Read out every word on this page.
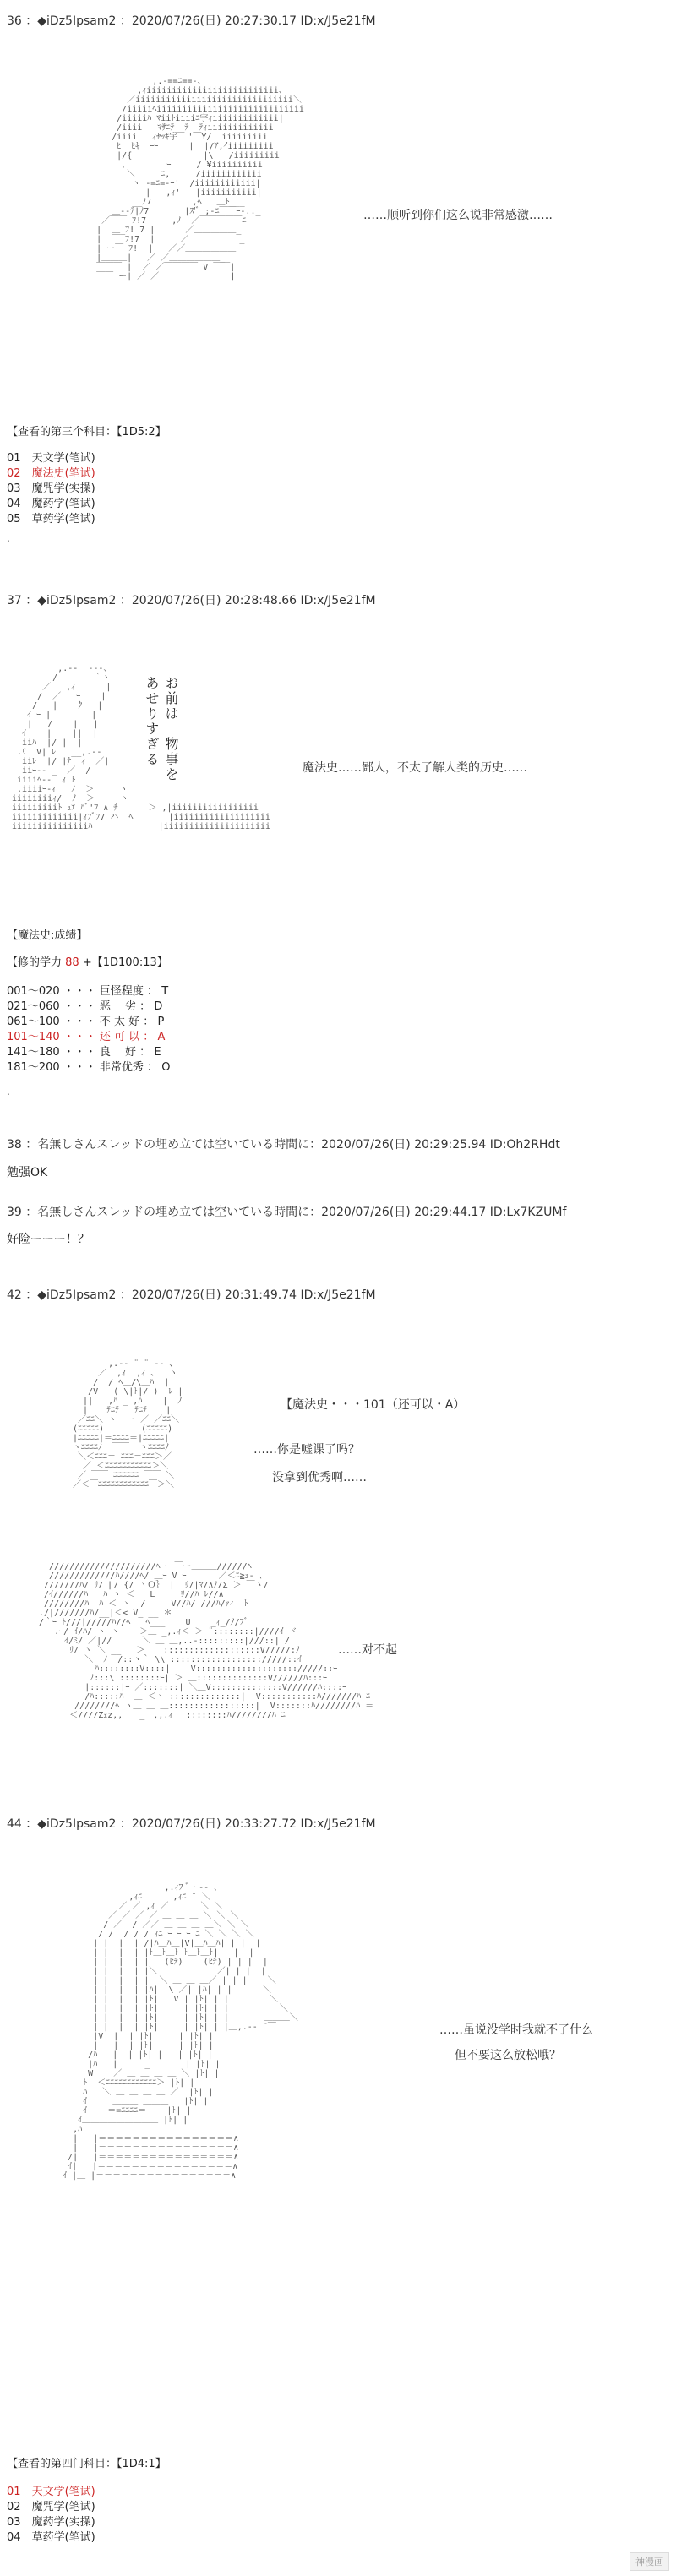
36 ：◆iDz5Ipsam2 ：2020/07/26(日) 20:27:30.17 ID:x/J5e21fM

,.-==ﾆ==-、
,ｨiiiiiiiiiiiiiiiiiiiiiiiiii、
／iiiiiiiiiiiiiiiiiiiiiiiiiiiiiii＼
/iiiiiﾍiiiiiiiiiiiiiiiiiiiiiiiiiiiii
/iiiiiﾊ ﾏiiﾄiiiiﾆ宇ｨiiiiiiiiiiiii|
/iiii   ﾏｻﾆﾃ__ﾃ  ﾃｨiiiiiiiiiiiii
/iiii   ｨｾｯｷ宇  '￣Y/  iiiiiiiii
ﾋ  ﾋｷ  ｰｰ      |  |/ｱ,ｲiiiiiiiii
|/{              |\   /iiiiiiiii
､        ｰ     / ¥iiiiiiiiii
＼     ﾆ,     /iiiiiiiiiiii
ヽ -=ﾆ=-ｰ'  /iiiiiiiiiiii|
￣|   ,ｨ'   |iiiiiiiiiii|
__ﾉ7        ,ﾍ   ＿ﾄ___
＿-‐ﾃ|ﾉ7       |ｽ'ﾞ ;-ﾆ￣￣ｰ-.._
／￣￣ ﾌ!7     ,ﾉ  ／￣￣￣￣￣ﾆ
|  ＿_ﾌ! 7 |      ／＿＿＿＿＿_
|  ￣ ﾌ!7  |     ／＿＿＿＿＿＿_
| ー￣ ﾌ!  |   ／／＿＿＿＿＿＿_
|＿＿＿|   ／ ／＿＿＿＿＿＿_
￣￣￣ |  ／ ／￣￣￣￣ V ￣￣|
￣￣ ー| ／ ／              |

……顺听到你们这么说非常感激……
【查看的第三个科目：【1D5:2】
01　 天文学(笔试)
02　 魔法史(笔试)
03　 魔咒学(实操)
04　 魔药学(笔试)
05　 草药学(笔试)
.
37 ：◆iDz5Ipsam2 ：2020/07/26(日) 20:28:48.66 ID:x/J5e21fM

,.-‐  --‐､
/       ｀ヽ
／   ,ｨ      |
/  ／   ｰ    |
/   |    ｸ   |
ｲ ｰ |        |
|   /    |   |
ｲ    |  _ ||  |
iiﾊ  |/ |  |
.ﾘ  V| ﾚ   __,.-‐
iiﾚ  |/ |ﾅ  ｨ  ／|
iiｰ-‐ _  ／  /
iiiiﾍ-‐  ｨ ﾄ
.iiiiｰ-ｨ   ﾉ  ＞     ヽ
iiiiiiiiｨ/  ﾉ  ＞     ヽ
iiiiiiiiiﾄ ｭｴ ﾊﾞ'ﾌ ∧ ﾁ      ＞ ,|iiiiiiiiiiiiiiiii
iiiiiiiiiiiii|ｨﾌﾞﾌ7 ハ  ﾍ       |iiiiiiiiiiiiiiiiiii
iiiiiiiiiiiiiiiﾊ             |iiiiiiiiiiiiiiiiiiiii

お前は　物事を　あせりすぎる
魔法史……鄙人，不太了解人类的历史……
【魔法史:成绩】
【修的学力 88 +【1D100:13】
001～020 ・・・ 巨怪程度 ： T
021～060 ・・・ 恶　 劣 ： D
061～100 ・・・ 不 太 好 ： P
101～140 ・・・ 还 可 以 ： A
141～180 ・・・ 良　 好 ： E
181～200 ・・・ 非常优秀 ： O
.
38 ：名無しさんスレッドの埋め立ては空いている時間に：2020/07/26(日) 20:29:25.94 ID:Oh2RHdt
勉强OK
39 ：名無しさんスレッドの埋め立ては空いている時間に：2020/07/26(日) 20:29:44.17 ID:Lx7KZUMf
好险ーーー！？
42 ：◆iDz5Ipsam2 ：2020/07/26(日) 20:31:49.74 ID:x/J5e21fM

,.-‐ ¨ ¨ ‐- 、
／  ,ｨ  ,ｨ 、  ヽ
/  / ﾍ＿/\＿ﾊ  |
/V   ( \|ﾄ|/ )  ﾚ |
||   ,ﾊ _ ,ﾊ    |  ﾉ
|＿  ﾃﾆﾃ   ﾃﾆﾃ  ＿|
／ﾆﾆ＼ ヽ  ー ／ ／ﾆﾆ＼
(ﾆﾆﾆﾆﾆ)  ￣￣  (ﾆﾆﾆﾆﾆ)
|ﾆﾆﾆﾆﾆ|＝ﾆﾆﾆﾆ＝|ﾆﾆﾆﾆﾆ|
ヽﾆﾆﾆﾆﾉ  ￣￣  ヽﾆﾆﾆﾆﾉ
＼＜ﾆﾆﾆ＝ ﾆﾆﾆ＝ﾆﾆﾆ＞／
／ ＜ﾆﾆﾆﾆﾆﾆﾆﾆﾆﾆﾆ＞＼
／ ￣￣ ﾆﾆﾆﾆﾆﾆ ￣￣ ＼
／＜￣ﾆﾆﾆﾆﾆﾆﾆﾆﾆﾆﾆﾆ￣＞＼

【魔法史・・・101（还可以・A）
……你是嘘课了吗？
没拿到优秀啊……

/////////////////////ﾍ ｰ ￣ー＿＿＿//////ﾍ
/////////////ﾊ////ﾍ/ ＿ｰ V ｰ ￣ ￣ ／＜ﾆ≧ｭ- ､
///////ﾊ/ ﾘ/ ‖/ {/ ヽＯ｝ |  ﾘ/|ﾏ/∧ﾉ/Σ ＞ ￣ヽ/
/ｲ//////ﾊ   ﾊ ヽ ＜   L     ﾘ//ﾊ ﾚ//∧
////////ﾊ  ﾊ ＜ ヽ  /     V//ﾊ/ ///ﾊ/ｧｨ  ﾄ
./|///////ﾊ/__|＜< V_ __ ＊
/｀ｰ ﾄ///|/////ﾊ//ﾍ   ﾍ___    U    _ｨ_/ﾉ/ﾌﾞ
.ｰ/ ｲ/ﾊ/ ヽ ヽ    ＞＿ _,.ｨ＜ ＞ ¨::::::::|////ｲ ヾ
ｲ/ﾐ/ ／|//      ＼ ＿ ＿,..-:::::::::|///::| /
ﾘ/ ヽ ＼ __   ＞  ＿:::::::::::::::::::V/////:ﾉ
＼  ﾉ  /::ヽ｀ \\ :::::::::::::::::://///::ｲ
ﾊ::::::::V::::|    V:::::::::::::::::::://///::ｰ
ﾉ:::\ ::::::::ｰ| ＞ ＿::::::::::::::V//////ﾊ:::ｰ
|::::::|ｰ ／:::::::| ＼＿V::::::::::::::V//////ﾊ::::ｰ
/ﾊ:::::ﾊ  ＿ ＜ヽ ::::::::::::::|  V:::::::::::ﾊ///////ﾊ ﾆ
////////ﾍ ヽ＿ ＿ ＿:::::::::::::::::|  V:::::::ﾊ////////ﾊ ＝
＜////Zｪz,,＿＿_＿,,.ｨ ＿::::::::ﾊ////////ﾊ ﾆ

……对不起
44 ：◆iDz5Ipsam2 ：2020/07/26(日) 20:33:27.72 ID:x/J5e21fM

,.ｨﾌ ﾞ ｰ‐- ､
,ｨﾆ      ,ｨﾆ ¨ ＼
／ ／ ,ｨ ／ ＿ ＿ ＼ ＼
／ ／ ／ ／ ＿ ＿ ＿ ＼ ＼ ＼
/ ／  / ／／ ＿ ＿ ＿ ＿＼ ＼ ＼
/ /  / / / ｨﾆ ｰ ｰ ｰ ﾆ ＼ ＼ ＼ ＼
| |  |  | /|ﾊ＿ﾊ＿|V|＿ﾊ＿ﾊ| | |  |
| |  |  | |ﾄ＿ﾄ＿ﾄ ﾄ＿ﾄ＿ﾄ| | |  |
| |  |  | |   (ﾋﾃ)    (ﾋﾃ) | | |  |
| |  |  | |＼    ＿      ／| | |  |
| |  |  | |  ＼ ＿ ＿ ＿／ | | |    ＼
| |  |  | |ﾊ| |\ ／| |ﾊ| | |      ＼
| |  |  | |ﾄ| | V | |ﾄ| | |        ＼
| |  |  | |ﾄ| |   | |ﾄ| | |          ＼
| |  |  | |ﾄ| |   | |ﾄ| | |       ＿＿＿＼
| |  |  | |ﾄ| |   | |ﾄ| | |＿,.-‐ ¨￣
|V  |  | |ﾄ| |   | |ﾄ| |
|   |  | |ﾄ| |   | |ﾄ| |
/ﾊ   |  | |ﾄ| |   | |ﾄ| |
|ﾊ   |  ＿＿_ ＿ ＿＿| |ﾄ| |
W    ／ ＿ ＿ ＿ ＿ ＼ |ﾄ| |
ﾄ  ＜ﾆﾆﾆﾆﾆﾆﾆﾆﾆﾆﾆﾆ＞ |ﾄ| |
ﾊ   ＼ ＿ ＿ ＿ ＿ ／  |ﾄ| |
ｲ     ＿＿＿ ＿＿＿   |ﾄ| |
ｲ    ＝=ﾆﾆﾆﾆ＝    |ﾄ| |
ｲ＿＿＿＿＿＿＿＿＿ |ﾄ| |
,ﾊ  ＿ ＿ ＿ ＿ ＿ ＿ ＿ ＿ ＿ ＿
|   |＝＝＝＝＝＝＝＝＝＝＝＝＝＝＝＝∧
|   |＝＝＝＝＝＝＝＝＝＝＝＝＝＝＝＝∧
/|   |＝＝＝＝＝＝＝＝＝＝＝＝＝＝＝＝∧
ｲ|   |＝＝＝＝＝＝＝＝＝＝＝＝＝＝＝＝∧
ｲ |＿ |＝＝＝＝＝＝＝＝＝＝＝＝＝＝＝＝∧

……虽说没学时我就不了什么
但不要这么放松哦？
【查看的第四门科目：【1D4:1】
01　 天文学(笔试)
02　 魔咒学(笔试)
03　 魔药学(实操)
04　 草药学(笔试)
神漫画
